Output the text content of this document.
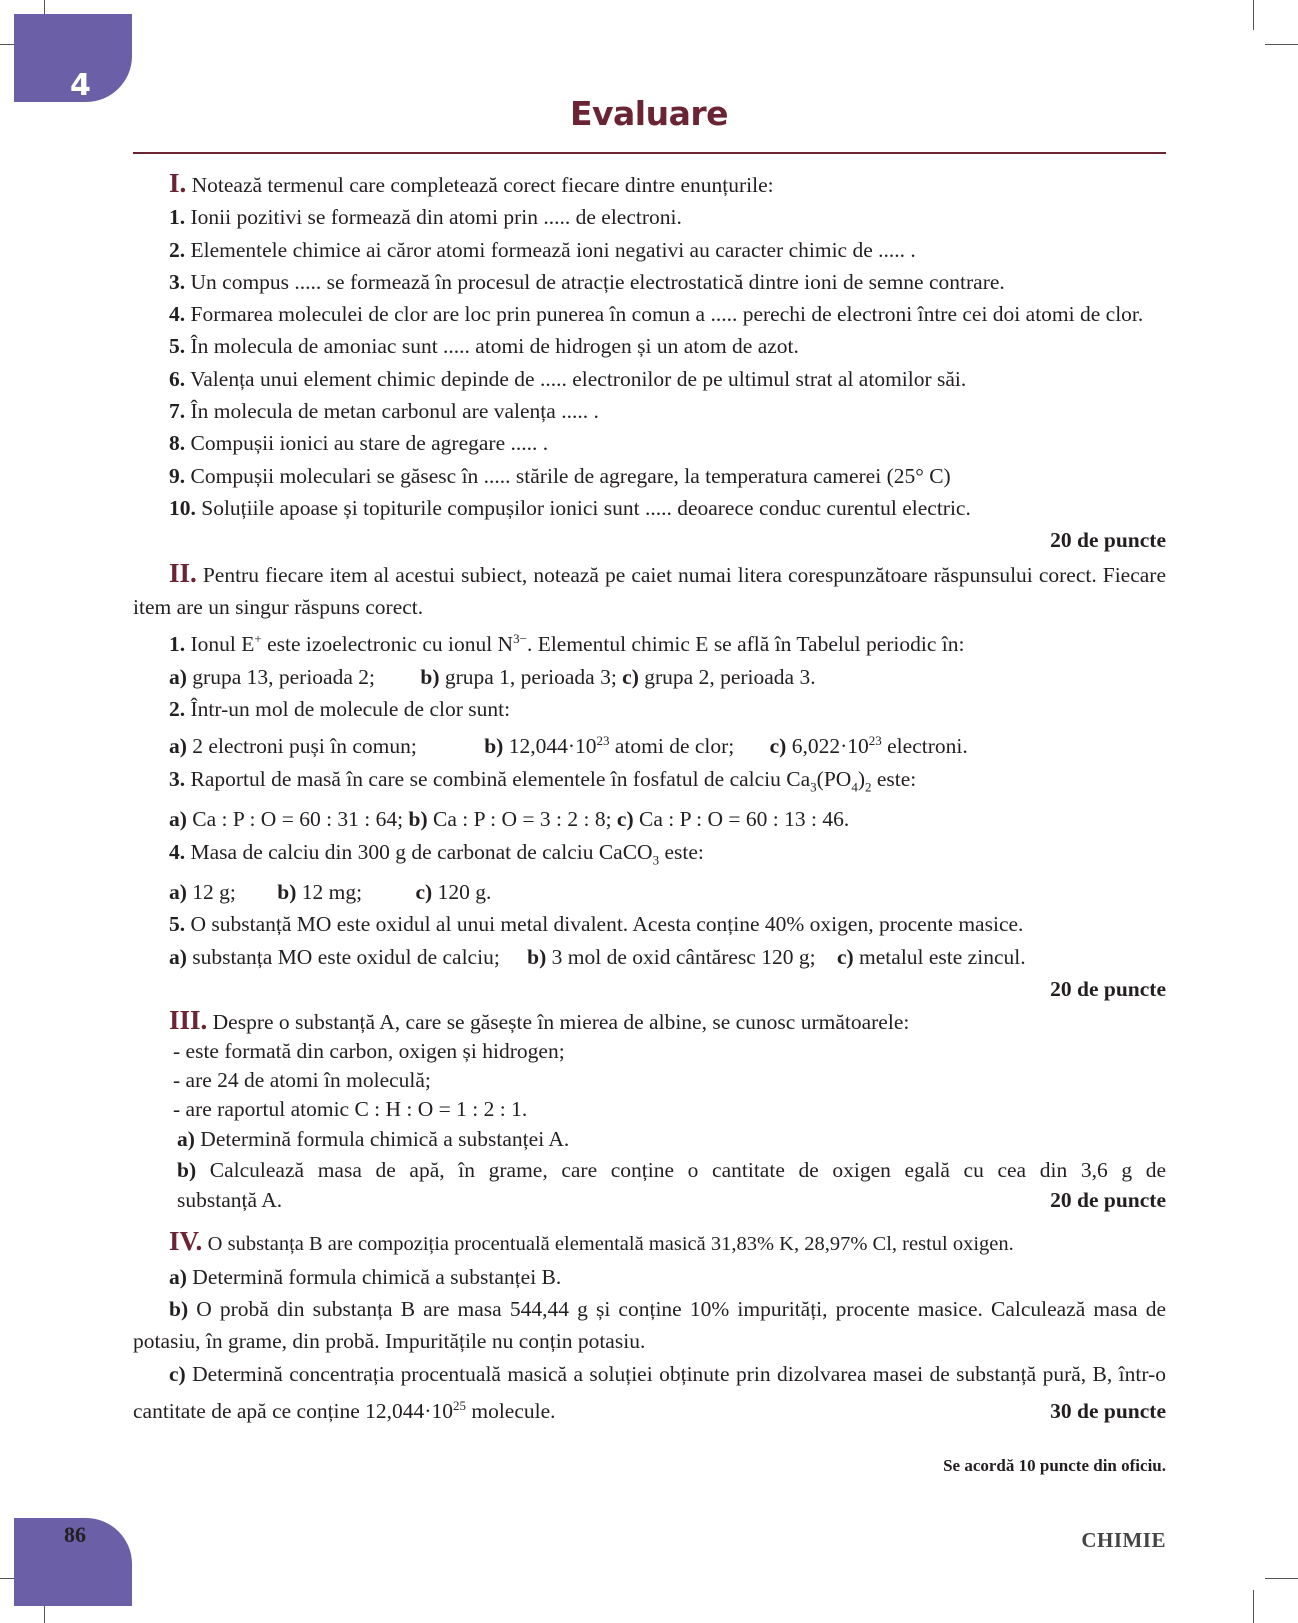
4
Evaluare

I. Notează termenul care completează corect fiecare dintre enunțurile:

1. Ionii pozitivi se formează din atomi prin ..... de electroni.

2. Elementele chimice ai căror atomi formează ioni negativi au caracter chimic de ..... .

3. Un compus ..... se formează în procesul de atracție electrostatică dintre ioni de semne contrare.

4. Formarea moleculei de clor are loc prin punerea în comun a ..... perechi de electroni între cei doi atomi de clor.

5. În molecula de amoniac sunt ..... atomi de hidrogen și un atom de azot.

6. Valența unui element chimic depinde de ..... electronilor de pe ultimul strat al atomilor săi.

7. În molecula de metan carbonul are valența ..... .

8. Compușii ionici au stare de agregare ..... .

9. Compușii moleculari se găsesc în ..... stările de agregare, la temperatura camerei (25° C)

10. Soluțiile apoase și topiturile compușilor ionici sunt ..... deoarece conduc curentul electric.

20 de puncte

II. Pentru fiecare item al acestui subiect, notează pe caiet numai litera corespunzătoare răspunsului corect. Fiecare item are un singur răspuns corect.

1. Ionul E+ este izoelectronic cu ionul $N^{3-}$. Elementul chimic E se află în Tabelul periodic în:

a) grupa 13, perioada 2; b) grupa 1, perioada 3; c) grupa 2, perioada 3.

2. Într-un mol de molecule de clor sunt:

a) 2 electroni puși în comun;	b) $12,044\cdot 10^{23}$ atomi de clor; c) $6,022\cdot 10^{23}$ electroni.

3. Raportul de masă în care se combină elementele în fosfatul de calciu $Ca_3(PO_4)_2$ este:

a) Ca : P : O = 60 : 31 : 64; b) Ca : P : O = 3 : 2 : 8; c) Ca : P : O = 60 : 13 : 46.

4. Masa de calciu din 300 g de carbonat de calciu CaCO$_3$ este:

a) 12 g; b) 12 mg; c) 120 g.

5. O substanță MO este oxidul al unui metal divalent. Acesta conține 40% oxigen, procente masice.

a) substanța MO este oxidul de calciu; b) 3 mol de oxid cântăresc 120 g; c) metalul este zincul.

20 de puncte

III. Despre o substanță A, care se găsește în mierea de albine, se cunosc următoarele:

- este formată din carbon, oxigen și hidrogen;

- are 24 de atomi în moleculă;

- are raportul atomic C : H : O = 1 : 2 : 1.

a) Determină formula chimică a substanței A.

b) Calculează masa de apă, în grame, care conține o cantitate de oxigen egală cu cea din 3,6 g de
substanță A.	20 de puncte

IV. O substanța B are compoziția procentuală elementală masică 31,83% K, 28,97% Cl, restul oxigen.

a) Determină formula chimică a substanței B.

b) O probă din substanța B are masa 544,44 g și conține 10% impurități, procente masice. Calculează masa de potasiu, în grame, din probă. Impuritățile nu conțin potasiu.

c) Determină concentrația procentuală masică a soluției obținute prin dizolvarea masei de substanță pură, B, într-o cantitate de apă ce conține $12,044\cdot 10^{25}$ molecule.	30 de puncte
Se acordă 10 puncte din oficiu.
86	CHIMIE
